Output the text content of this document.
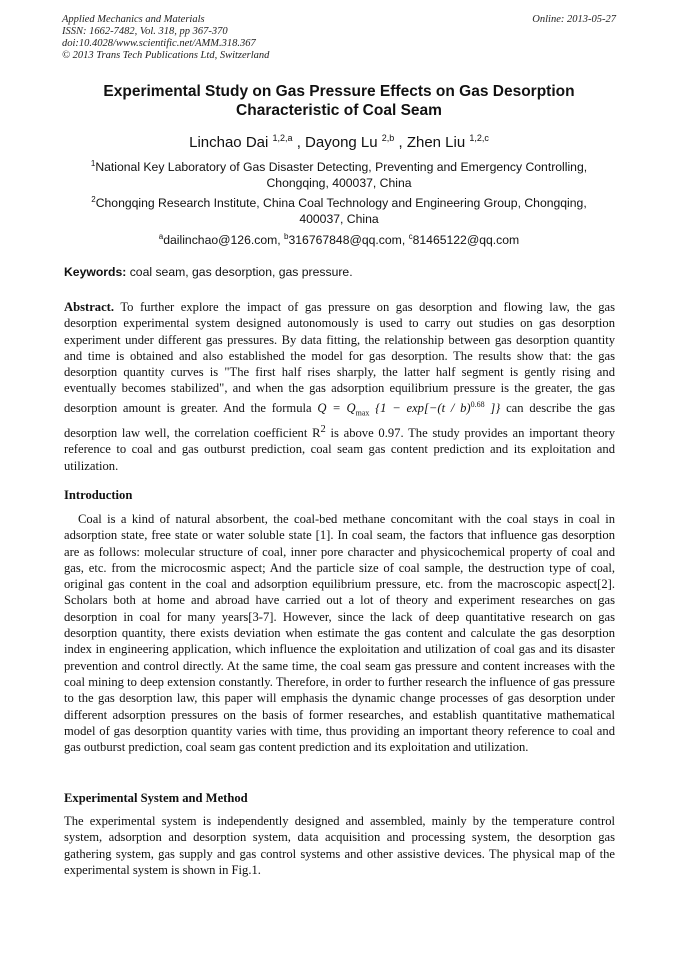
Applied Mechanics and Materials
ISSN: 1662-7482, Vol. 318, pp 367-370
doi:10.4028/www.scientific.net/AMM.318.367
© 2013 Trans Tech Publications Ltd, Switzerland
Online: 2013-05-27
Experimental Study on Gas Pressure Effects on Gas Desorption Characteristic of Coal Seam
Linchao Dai $^{1,2,a}$ , Dayong Lu $^{2,b}$ , Zhen Liu $^{1,2,c}$
$^1$National Key Laboratory of Gas Disaster Detecting, Preventing and Emergency Controlling, Chongqing, 400037, China
$^2$Chongqing Research Institute, China Coal Technology and Engineering Group, Chongqing, 400037, China
$^a$dailinchao@126.com, $^b$316767848@qq.com, $^c$81465122@qq.com
Keywords: coal seam, gas desorption, gas pressure.
Abstract. To further explore the impact of gas pressure on gas desorption and flowing law, the gas desorption experimental system designed autonomously is used to carry out studies on gas desorption experiment under different gas pressures. By data fitting, the relationship between gas desorption quantity and time is obtained and also established the model for gas desorption. The results show that: the gas desorption quantity curves is "The first half rises sharply, the latter half segment is gently rising and eventually becomes stabilized", and when the gas adsorption equilibrium pressure is the greater, the gas desorption amount is greater. And the formula $Q = Q_{max}$ {1 − exp[−(t / b)$^{0.68}$ ]} can describe the gas desorption law well, the correlation coefficient $R^2$ is above 0.97. The study provides an important theory reference to coal and gas outburst prediction, coal seam gas content prediction and its exploitation and utilization.
Introduction
Coal is a kind of natural absorbent, the coal-bed methane concomitant with the coal stays in coal in adsorption state, free state or water soluble state [1]. In coal seam, the factors that influence gas desorption are as follows: molecular structure of coal, inner pore character and physicochemical property of coal and gas, etc. from the microcosmic aspect; And the particle size of coal sample, the destruction type of coal, original gas content in the coal and adsorption equilibrium pressure, etc. from the macroscopic aspect[2]. Scholars both at home and abroad have carried out a lot of theory and experiment researches on gas desorption in coal for many years[3-7]. However, since the lack of deep quantitative research on gas desorption quantity, there exists deviation when estimate the gas content and calculate the gas desorption index in engineering application, which influence the exploitation and utilization of coal gas and its disaster prevention and control directly. At the same time, the coal seam gas pressure and content increases with the coal mining to deep extension constantly. Therefore, in order to further research the influence of gas pressure to the gas desorption law, this paper will emphasis the dynamic change processes of gas desorption under different adsorption pressures on the basis of former researches, and establish quantitative mathematical model of gas desorption quantity varies with time, thus providing an important theory reference to coal and gas outburst prediction, coal seam gas content prediction and its exploitation and utilization.
Experimental System and Method
The experimental system is independently designed and assembled, mainly by the temperature control system, adsorption and desorption system, data acquisition and processing system, the desorption gas gathering system, gas supply and gas control systems and other assistive devices. The physical map of the experimental system is shown in Fig.1.
